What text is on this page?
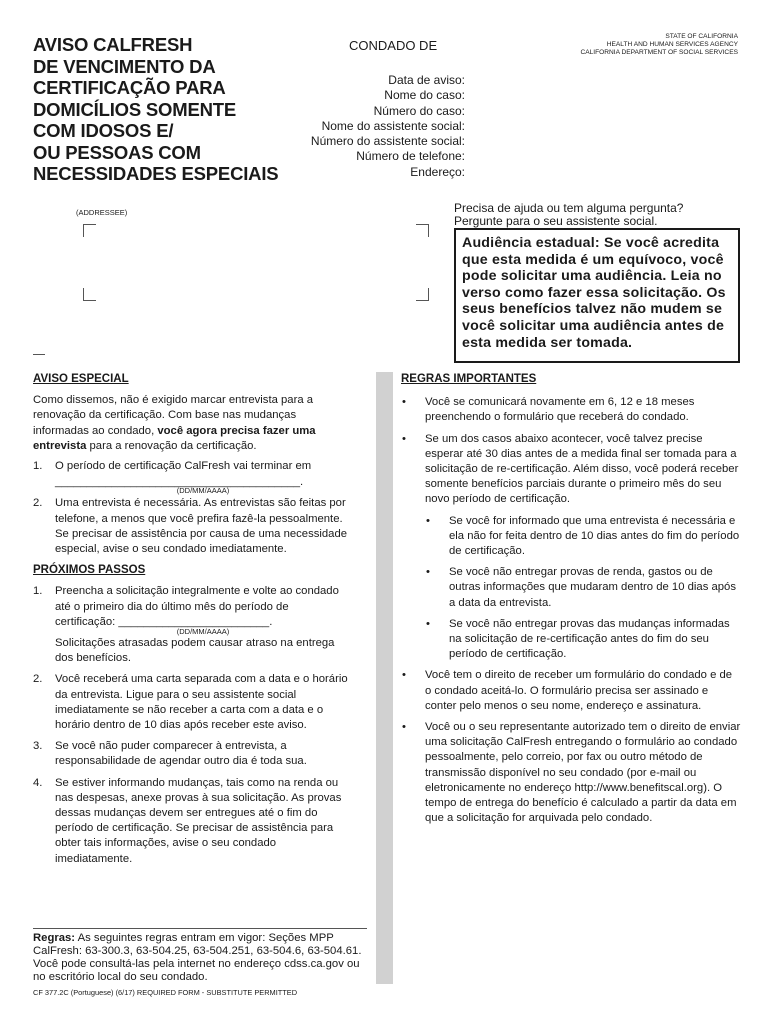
AVISO CALFRESH
DE VENCIMENTO DA
CERTIFICAÇÃO PARA
DOMICÍLIOS SOMENTE
COM IDOSOS E/
OU PESSOAS COM
NECESSIDADES ESPECIAIS
CONDADO DE
STATE OF CALIFORNIA
HEALTH AND HUMAN SERVICES AGENCY
CALIFORNIA DEPARTMENT OF SOCIAL SERVICES
Data de aviso:
Nome do caso:
Número do caso:
Nome do assistente social:
Número do assistente social:
Número de telefone:
Endereço:
(ADDRESSEE)	Precisa de ajuda ou tem alguma pergunta?
Pergunte para o seu assistente social.
Audiência estadual: Se você acredita que esta medida é um equívoco, você pode solicitar uma audiência. Leia no verso como fazer essa solicitação. Os seus benefícios talvez não mudem se você solicitar uma audiência antes de esta medida ser tomada.
AVISO ESPECIAL
Como dissemos, não é exigido marcar entrevista para a renovação da certificação. Com base nas mudanças informadas ao condado, você agora precisa fazer uma entrevista para a renovação da certificação.
1.	O período de certificação CalFresh vai terminar em
_______________________________________.
(DD/MM/AAAA)
2.	Uma entrevista é necessária. As entrevistas são feitas por telefone, a menos que você prefira fazê-la pessoalmente. Se precisar de assistência por causa de uma necessidade especial, avise o seu condado imediatamente.
PRÓXIMOS PASSOS
1.	Preencha a solicitação integralmente e volte ao condado até o primeiro dia do último mês do período de certificação: ________________________.
(DD/MM/AAAA)
Solicitações atrasadas podem causar atraso na entrega dos benefícios.
2.	Você receberá uma carta separada com a data e o horário da entrevista. Ligue para o seu assistente social imediatamente se não receber a carta com a data e o horário dentro de 10 dias após receber este aviso.
3.	Se você não puder comparecer à entrevista, a responsabilidade de agendar outro dia é toda sua.
4.	Se estiver informando mudanças, tais como na renda ou nas despesas, anexe provas à sua solicitação. As provas dessas mudanças devem ser entregues até o fim do período de certificação. Se precisar de assistência para obter tais informações, avise o seu condado imediatamente.
Regras: As seguintes regras entram em vigor: Seções MPP CalFresh: 63-300.3, 63-504.25, 63-504.251, 63-504.6, 63-504.61. Você pode consultá-las pela internet no endereço cdss.ca.gov ou no escritório local do seu condado.
REGRAS IMPORTANTES
•	Você se comunicará novamente em 6, 12 e 18 meses preenchendo o formulário que receberá do condado.
•	Se um dos casos abaixo acontecer, você talvez precise esperar até 30 dias antes de a medida final ser tomada para a solicitação de re-certificação. Além disso, você poderá receber somente benefícios parciais durante o primeiro mês do seu novo período de certificação.
•	Se você for informado que uma entrevista é necessária e ela não for feita dentro de 10 dias antes do fim do período de certificação.
•	Se você não entregar provas de renda, gastos ou de outras informações que mudaram dentro de 10 dias após a data da entrevista.
•	Se você não entregar provas das mudanças informadas na solicitação de re-certificação antes do fim do seu período de certificação.
•	Você tem o direito de receber um formulário do condado e de o condado aceitá-lo. O formulário precisa ser assinado e conter pelo menos o seu nome, endereço e assinatura.
•	Você ou o seu representante autorizado tem o direito de enviar uma solicitação CalFresh entregando o formulário ao condado pessoalmente, pelo correio, por fax ou outro método de transmissão disponível no seu condado (por e-mail ou eletronicamente no endereço http://www.benefitscal.org). O tempo de entrega do benefício é calculado a partir da data em que a solicitação for arquivada pelo condado.
CF 377.2C (Portuguese) (6/17) REQUIRED FORM - SUBSTITUTE PERMITTED
